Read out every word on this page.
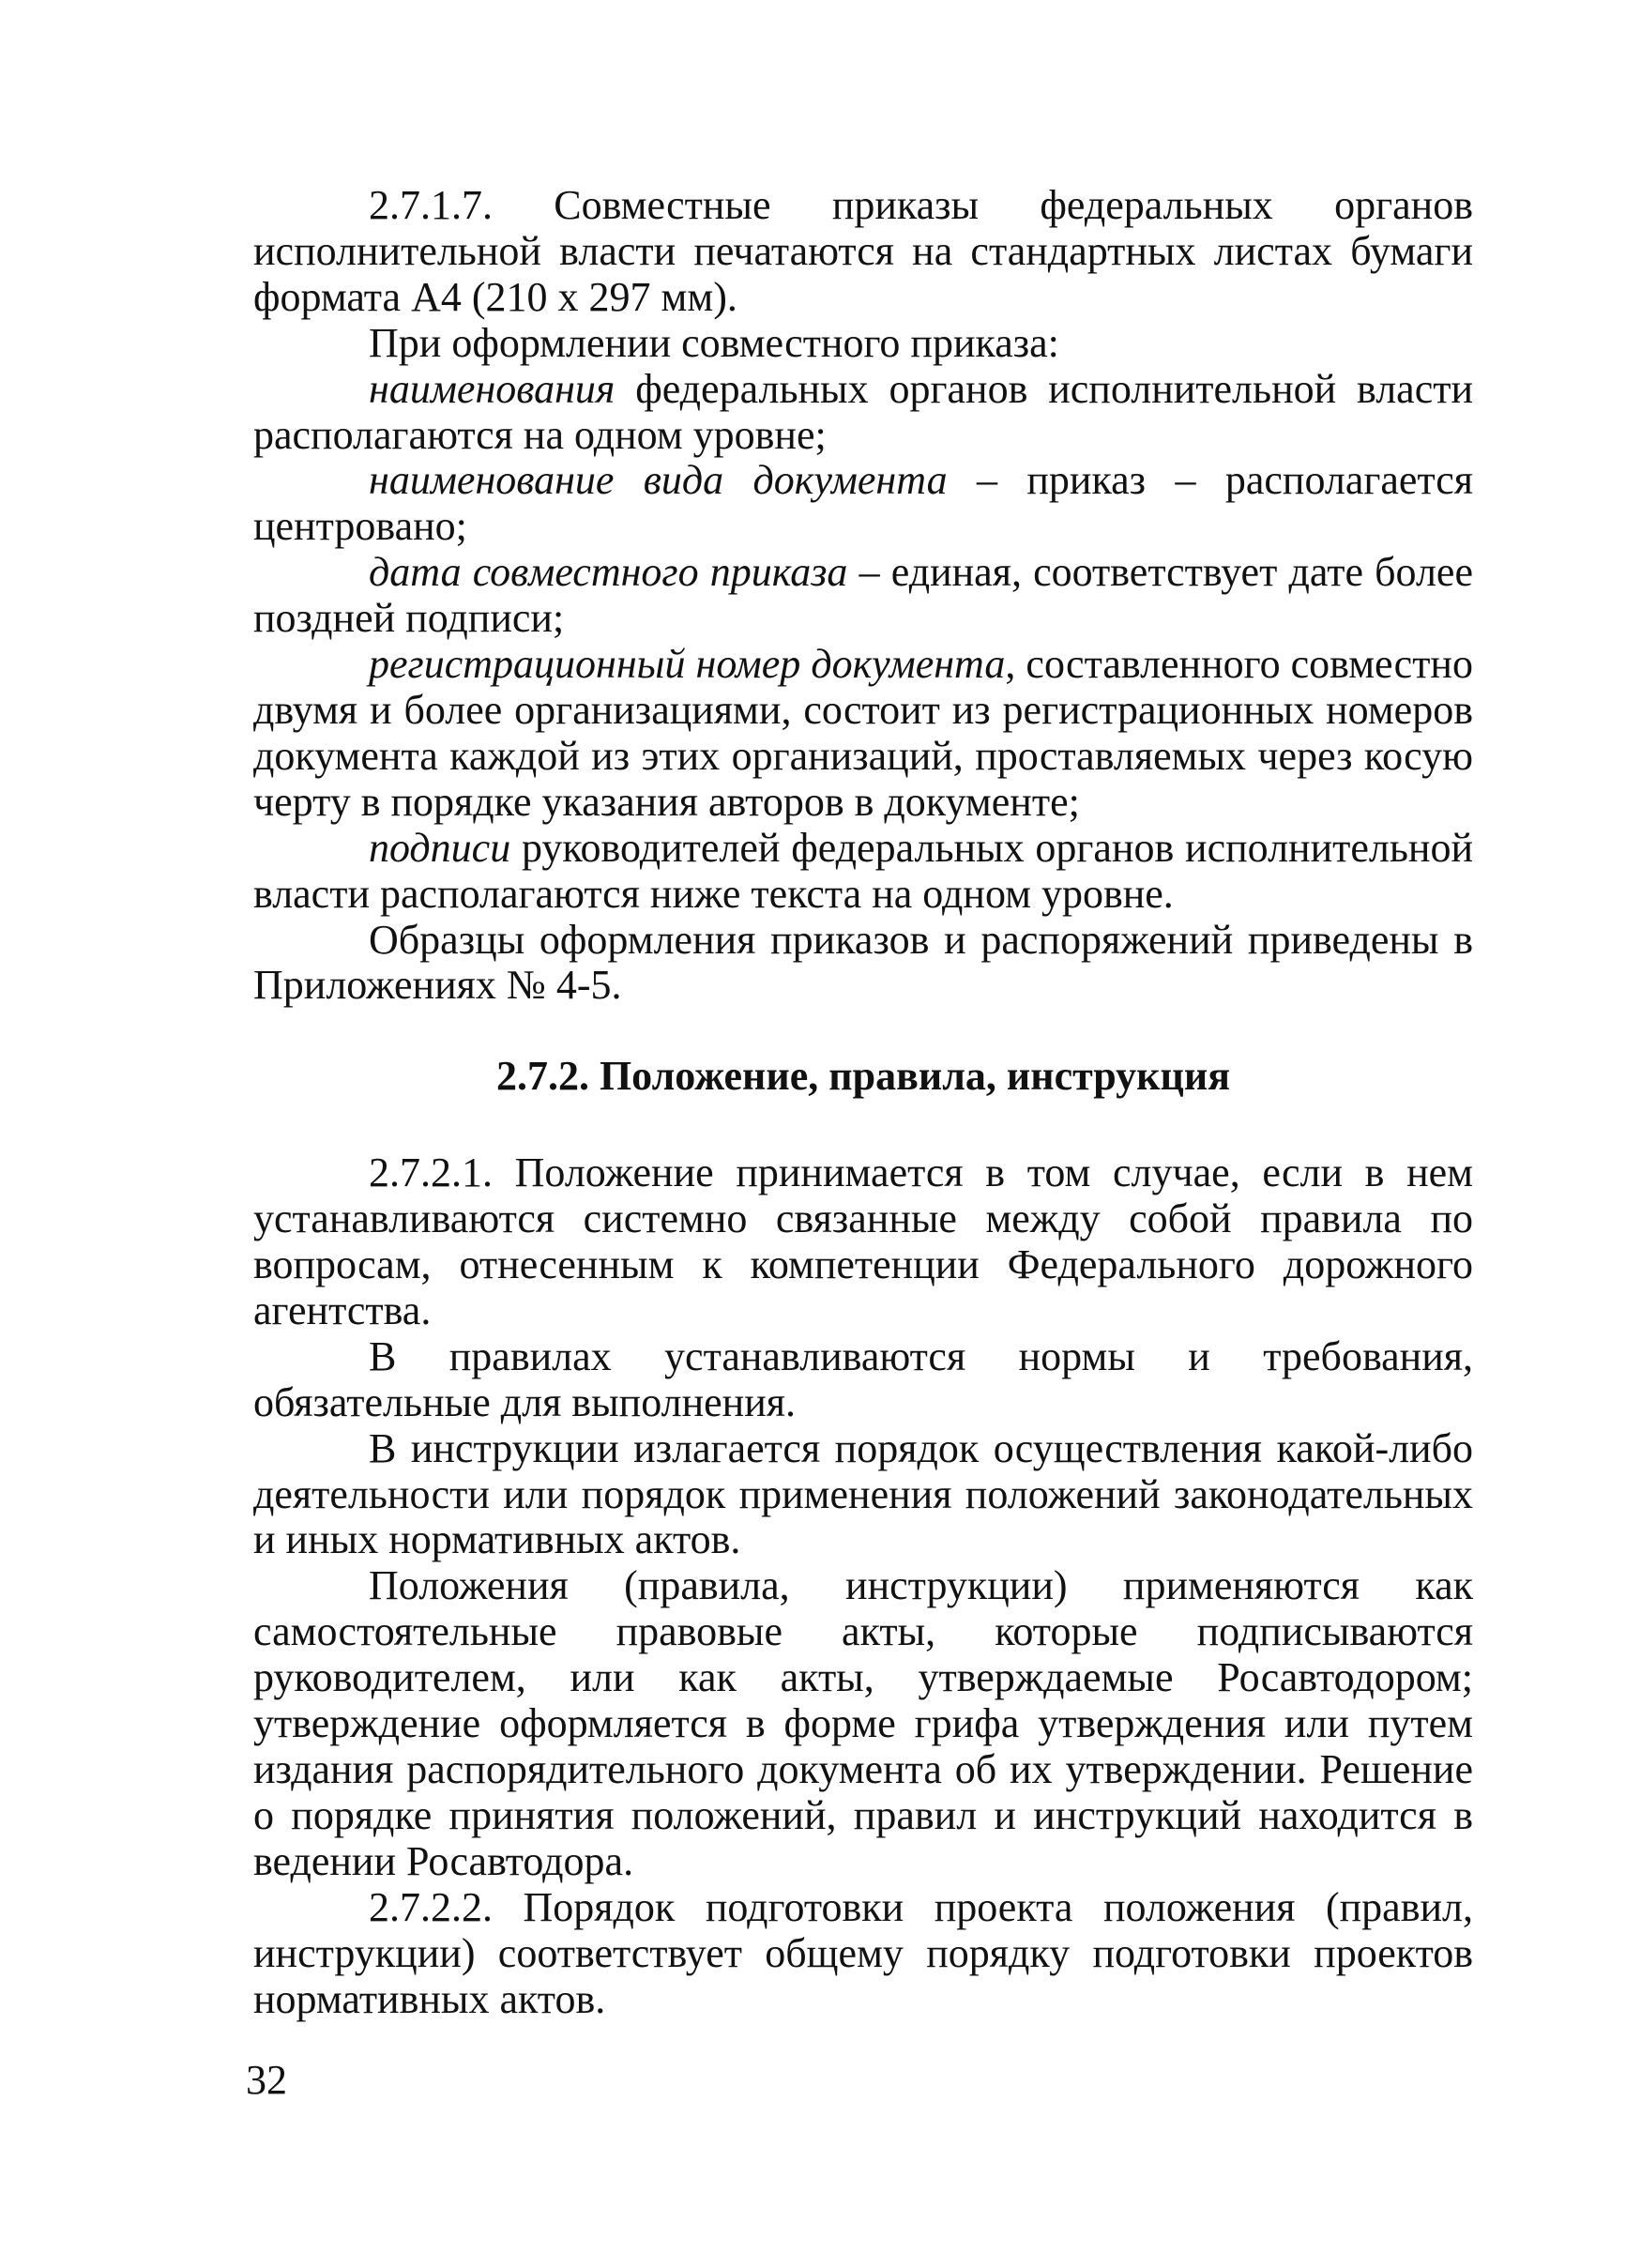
2.7.1.7. Совместные приказы федеральных органов исполнительной власти печатаются на стандартных листах бумаги формата А4 (210 х 297 мм).

При оформлении совместного приказа:

наименования федеральных органов исполнительной власти располагаются на одном уровне;

наименование вида документа – приказ – располагается центровано;

дата совместного приказа – единая, соответствует дате более поздней подписи;

регистрационный номер документа, составленного совместно двумя и более организациями, состоит из регистрационных номеров документа каждой из этих организаций, проставляемых через косую черту в порядке указания авторов в документе;

подписи руководителей федеральных органов исполнительной власти располагаются ниже текста на одном уровне.

Образцы оформления приказов и распоряжений приведены в Приложениях № 4-5.

2.7.2. Положение, правила, инструкция

2.7.2.1. Положение принимается в том случае, если в нем устанавливаются системно связанные между собой правила по вопросам, отнесенным к компетенции Федерального дорожного агентства.

В правилах устанавливаются нормы и требования, обязательные для выполнения.

В инструкции излагается порядок осуществления какой-либо деятельности или порядок применения положений законодательных и иных нормативных актов.

Положения (правила, инструкции) применяются как самостоятельные правовые акты, которые подписываются руководителем, или как акты, утверждаемые Росавтодором; утверждение оформляется в форме грифа утверждения или путем издания распорядительного документа об их утверждении. Решение о порядке принятия положений, правил и инструкций находится в ведении Росавтодора.

2.7.2.2. Порядок подготовки проекта положения (правил, инструкции) соответствует общему порядку подготовки проектов нормативных актов.

32
